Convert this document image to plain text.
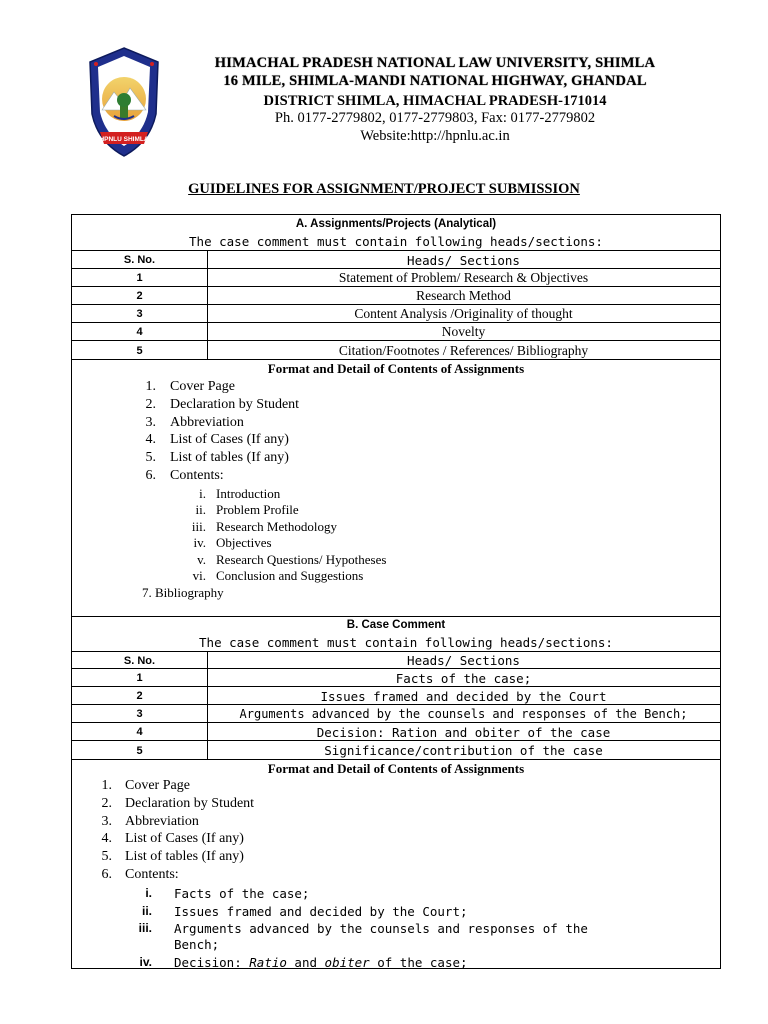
HPNLU SHIMLA
HIMACHAL PRADESH NATIONAL LAW UNIVERSITY, SHIMLA
16 MILE, SHIMLA-MANDI NATIONAL HIGHWAY, GHANDAL
DISTRICT SHIMLA, HIMACHAL PRADESH-171014
Ph. 0177-2779802, 0177-2779803, Fax: 0177-2779802
Website:http://hpnlu.ac.in
GUIDELINES FOR ASSIGNMENT/PROJECT SUBMISSION
A. Assignments/Projects (Analytical)
The case comment must contain following heads/sections:
S. No.	Heads/ Sections
1	Statement of Problem/ Research & Objectives
2	Research Method
3	Content Analysis /Originality of thought
4	Novelty
5	Citation/Footnotes / References/ Bibliography
Format and Detail of Contents of Assignments
1. Cover Page
2. Declaration by Student
3. Abbreviation
4. List of Cases (If any)
5. List of tables (If any)
6. Contents:
i. Introduction
ii. Problem Profile
iii. Research Methodology
iv. Objectives
v. Research Questions/ Hypotheses
vi. Conclusion and Suggestions
7. Bibliography
B. Case Comment
The case comment must contain following heads/sections:
S. No.	Heads/ Sections
1	Facts of the case;
2	Issues framed and decided by the Court
3	Arguments advanced by the counsels and responses of the Bench;
4	Decision: Ration and obiter of the case
5	Significance/contribution of the case
Format and Detail of Contents of Assignments
1. Cover Page
2. Declaration by Student
3. Abbreviation
4. List of Cases (If any)
5. List of tables (If any)
6. Contents:
i. Facts of the case;
ii. Issues framed and decided by the Court;
iii. Arguments advanced by the counsels and responses of the
Bench;
iv. Decision: Ratio and obiter of the case;
